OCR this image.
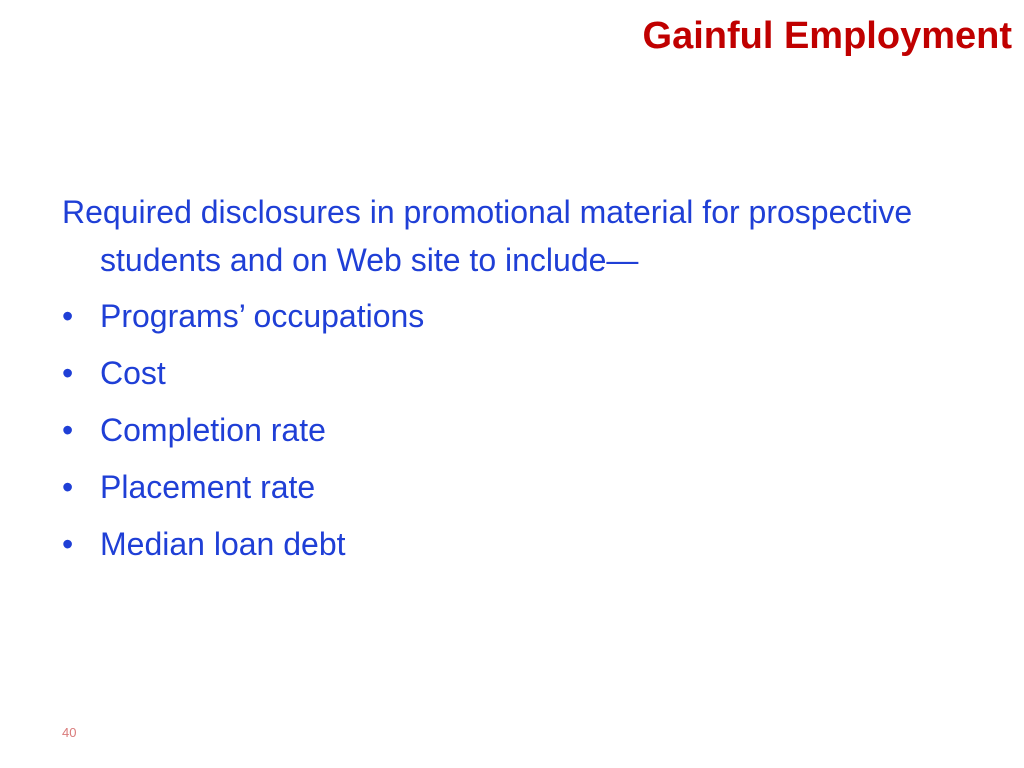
Gainful Employment

Required disclosures in promotional material for prospective students and on Web site to include—

• Programs’ occupations
• Cost
• Completion rate
• Placement rate
• Median loan debt

40
